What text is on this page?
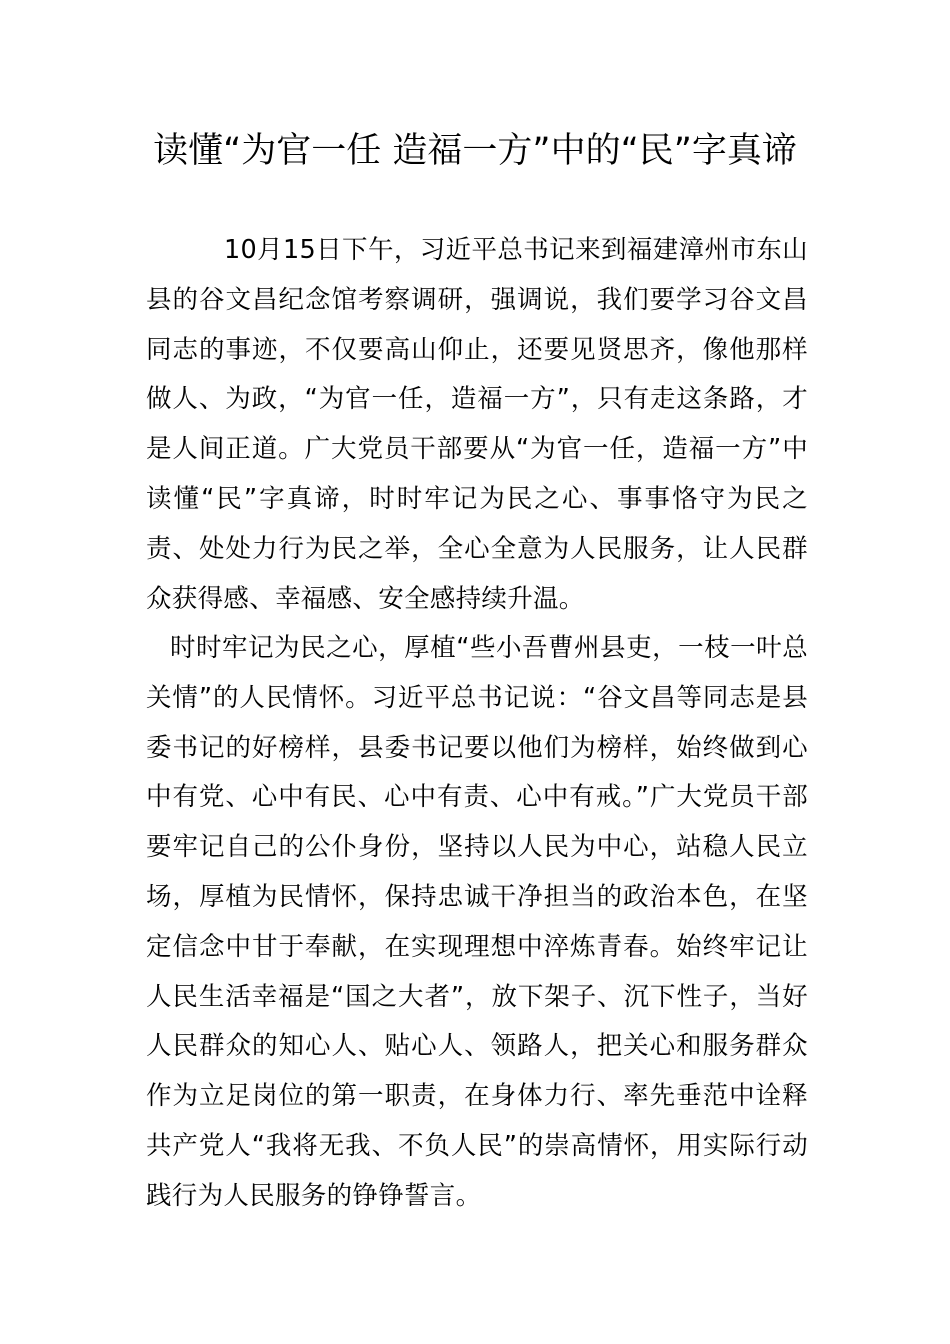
读懂“为官一任 造福一方”中的“民”字真谛

10月15日下午，习近平总书记来到福建漳州市东山县的谷文昌纪念馆考察调研，强调说，我们要学习谷文昌同志的事迹，不仅要高山仰止，还要见贤思齐，像他那样做人、为政，“为官一任，造福一方”，只有走这条路，才是人间正道。广大党员干部要从“为官一任，造福一方”中读懂“民”字真谛，时时牢记为民之心、事事恪守为民之责、处处力行为民之举，全心全意为人民服务，让人民群众获得感、幸福感、安全感持续升温。

时时牢记为民之心，厚植“些小吾曹州县吏，一枝一叶总关情”的人民情怀。习近平总书记说：“谷文昌等同志是县委书记的好榜样，县委书记要以他们为榜样，始终做到心中有党、心中有民、心中有责、心中有戒。”广大党员干部要牢记自己的公仆身份，坚持以人民为中心，站稳人民立场，厚植为民情怀，保持忠诚干净担当的政治本色，在坚定信念中甘于奉献，在实现理想中淬炼青春。始终牢记让人民生活幸福是“国之大者”，放下架子、沉下性子，当好人民群众的知心人、贴心人、领路人，把关心和服务群众作为立足岗位的第一职责，在身体力行、率先垂范中诠释共产党人“我将无我、不负人民”的崇高情怀，用实际行动践行为人民服务的铮铮誓言。
